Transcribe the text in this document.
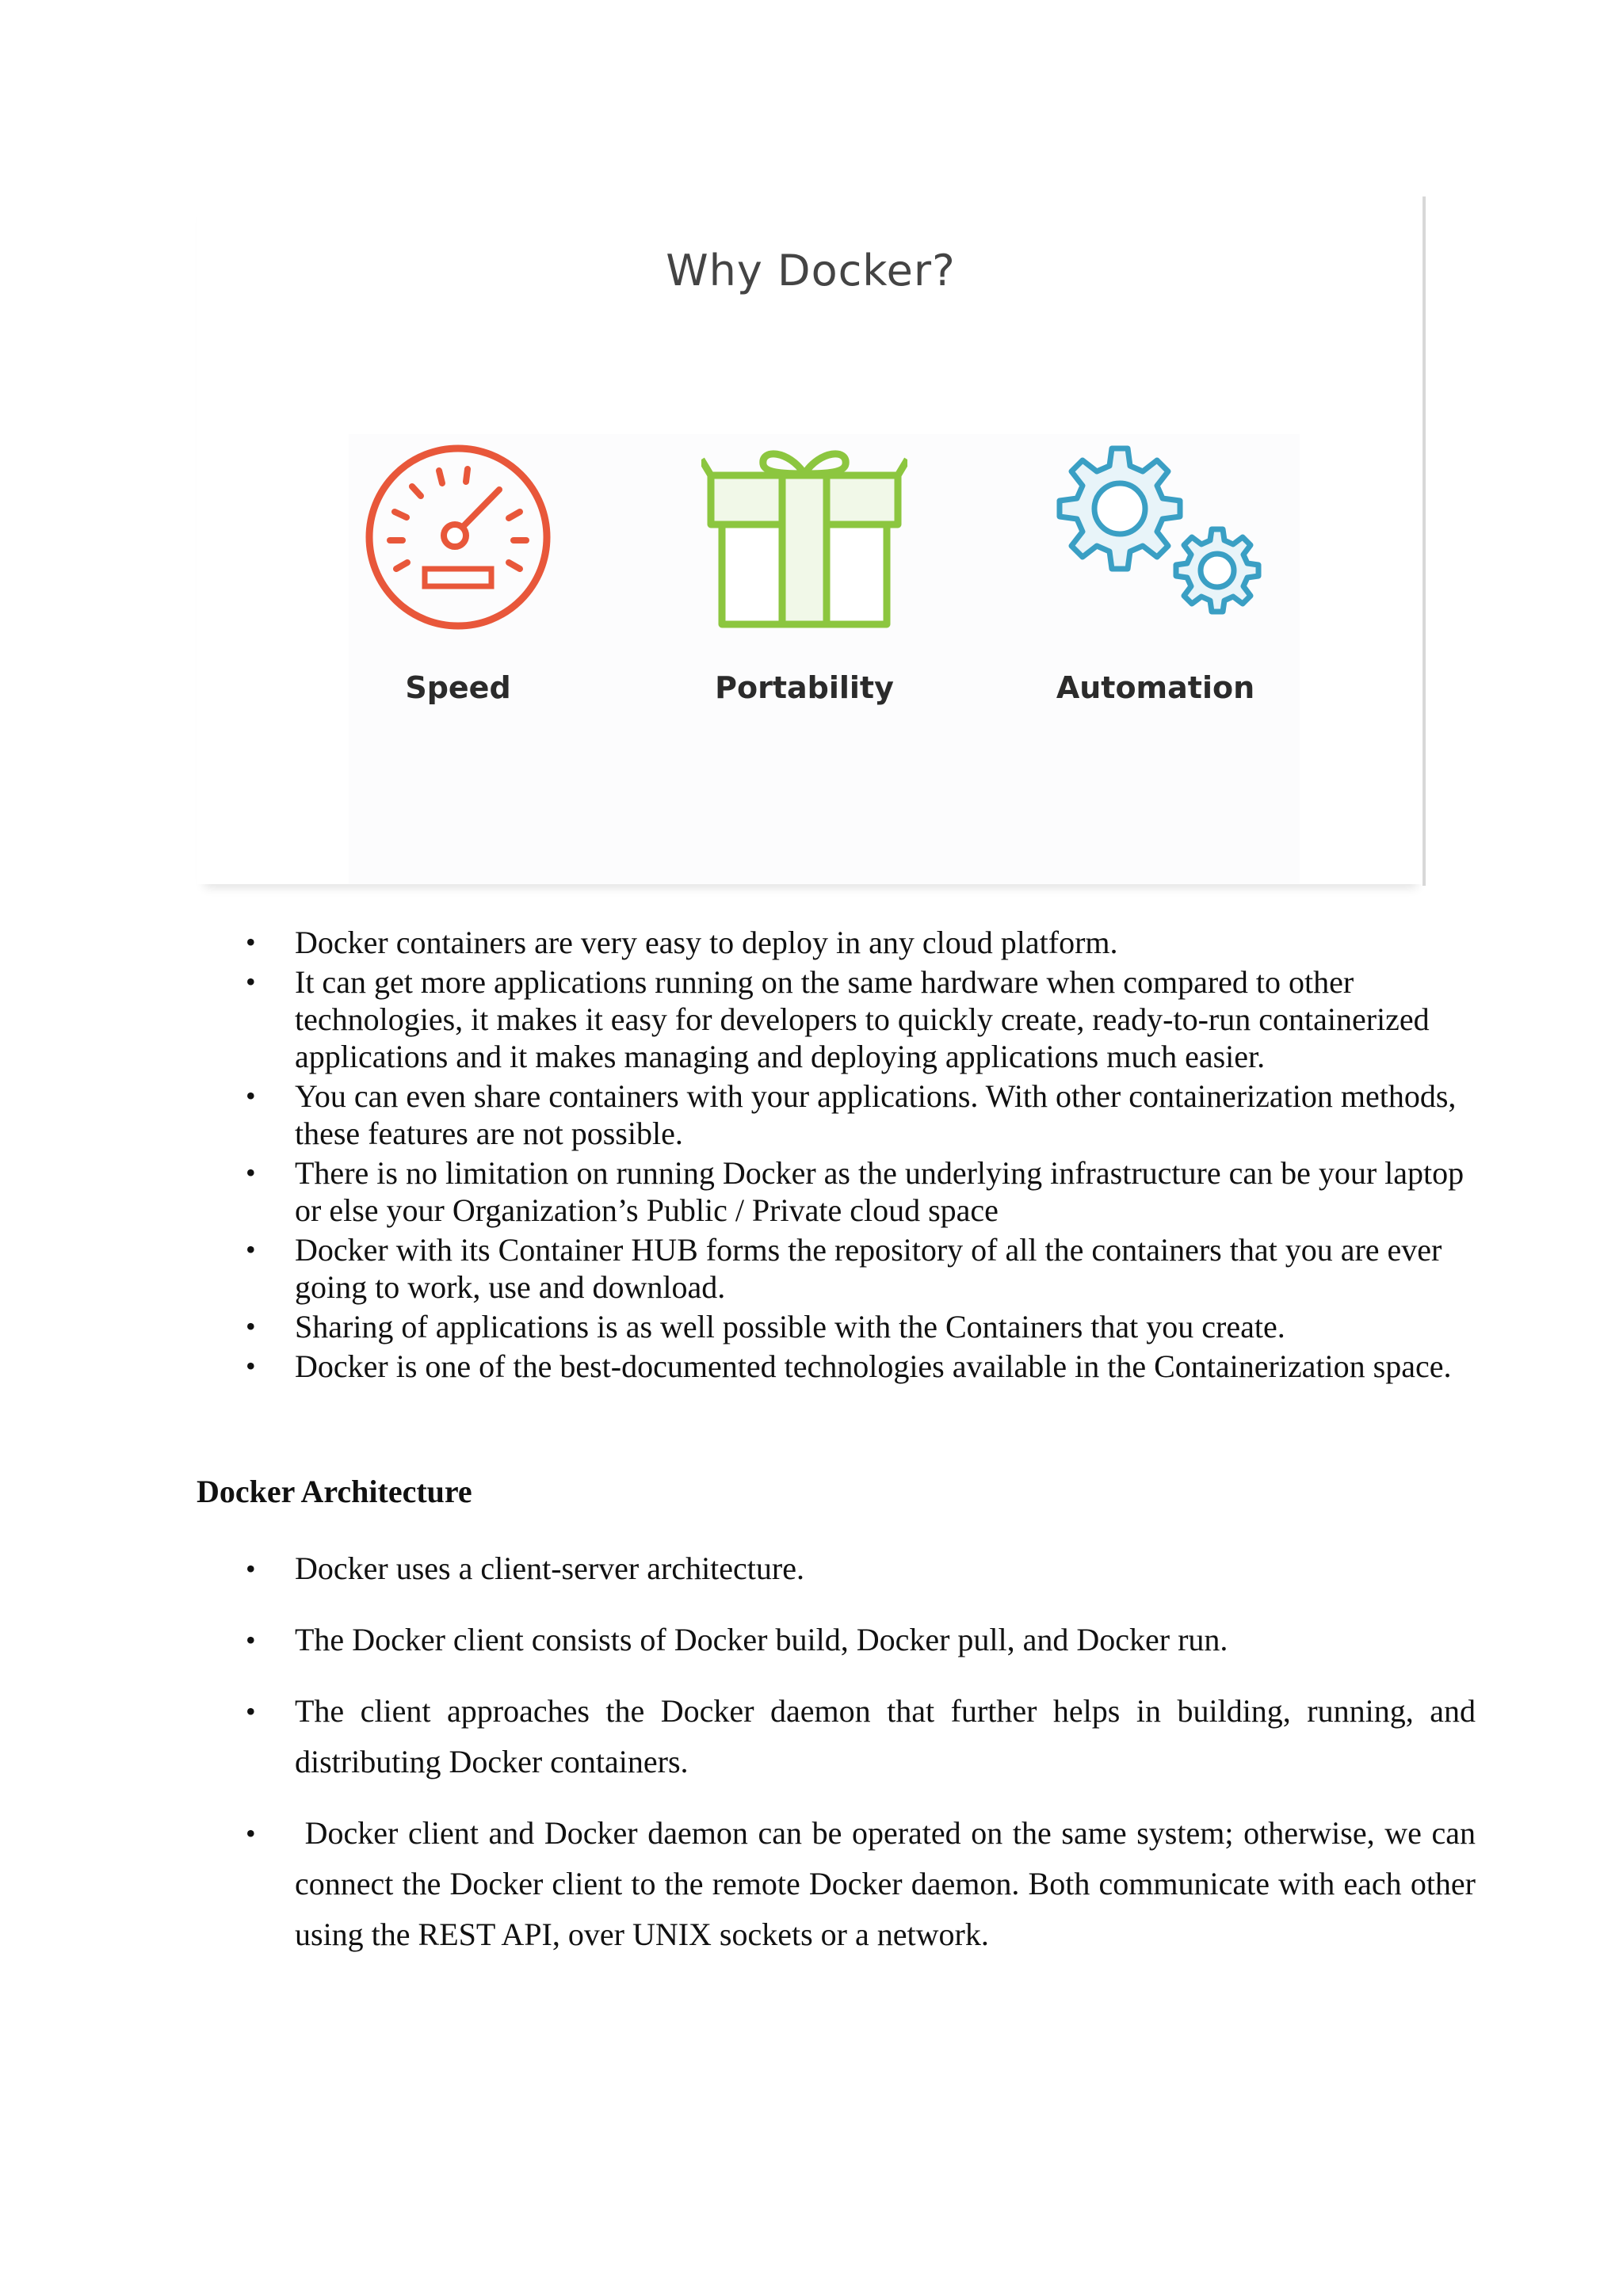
Why Docker?
Speed	Portability	Automation
• Docker containers are very easy to deploy in any cloud platform.
• It can get more applications running on the same hardware when compared to other technologies, it makes it easy for developers to quickly create, ready-to-run containerized applications and it makes managing and deploying applications much easier.
• You can even share containers with your applications. With other containerization methods, these features are not possible.
• There is no limitation on running Docker as the underlying infrastructure can be your laptop or else your Organization’s Public / Private cloud space
• Docker with its Container HUB forms the repository of all the containers that you are ever going to work, use and download.
• Sharing of applications is as well possible with the Containers that you create.
• Docker is one of the best-documented technologies available in the Containerization space.
Docker Architecture
• Docker uses a client-server architecture.
• The Docker client consists of Docker build, Docker pull, and Docker run.
• The client approaches the Docker daemon that further helps in building, running, and distributing Docker containers.
•  Docker client and Docker daemon can be operated on the same system; otherwise, we can connect the Docker client to the remote Docker daemon. Both communicate with each other using the REST API, over UNIX sockets or a network.
